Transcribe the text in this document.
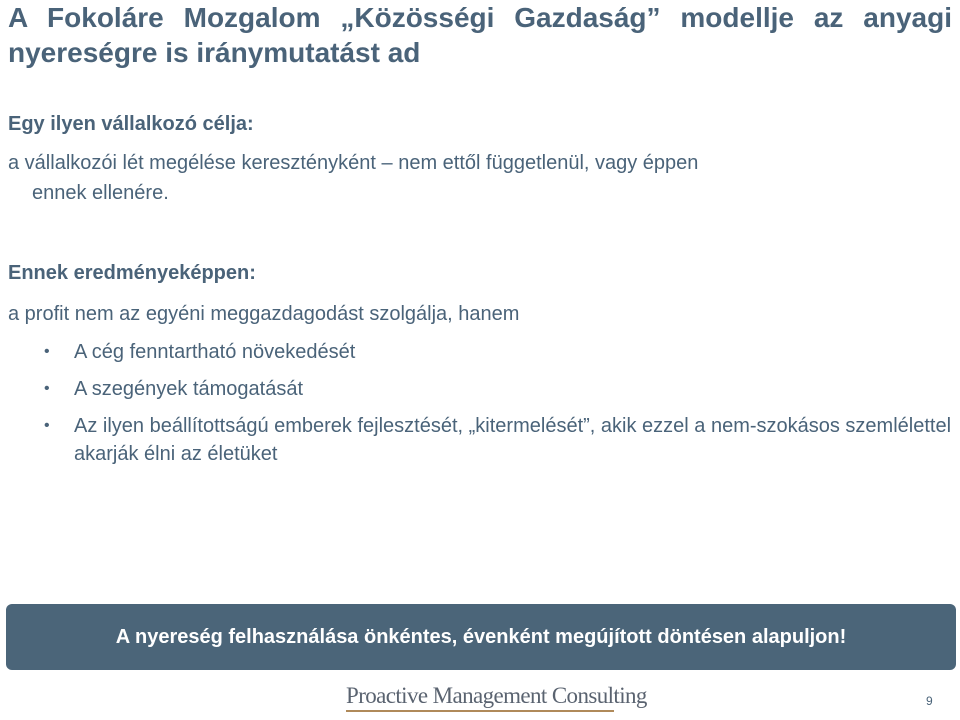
A Fokoláre Mozgalom „Közösségi Gazdaság” modellje az anyagi nyereségre is iránymutatást ad
Egy ilyen vállalkozó célja:

a vállalkozói lét megélése keresztényként – nem ettől függetlenül, vagy éppen
ennek ellenére.

Ennek eredményeképpen:

a profit nem az egyéni meggazdagodást szolgálja, hanem

• A cég fenntartható növekedését
• A szegények támogatását
• Az ilyen beállítottságú emberek fejlesztését, „kitermelését”, akik ezzel a nem-szokásos szemlélettel akarják élni az életüket
A nyereség felhasználása önkéntes, évenként megújított döntésen alapuljon!
Proactive Management Consulting	9
